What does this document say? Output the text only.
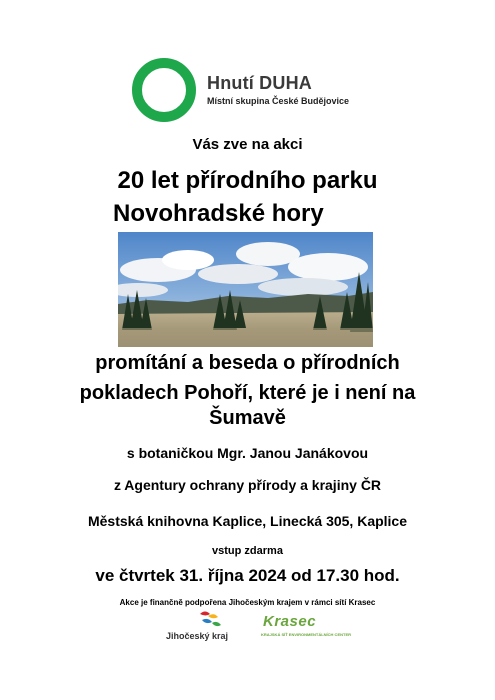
Hnutí DUHA
Místní skupina České Budějovice
Vás zve na akci
20 let přírodního parku
Novohradské hory
promítání a beseda o přírodních
pokladech Pohoří, které je i není na
Šumavě
s botaničkou Mgr. Janou Janákovou
z Agentury ochrany přírody a krajiny ČR
Městská knihovna Kaplice, Linecká 305, Kaplice
vstup zdarma
ve čtvrtek 31. října 2024 od 17.30 hod.
Akce je finančně podpořena Jihočeským krajem v rámci sítí Krasec
Jihočeský kraj
Krasec
KRAJSKÁ SÍŤ ENVIRONMENTÁLNÍCH CENTER
